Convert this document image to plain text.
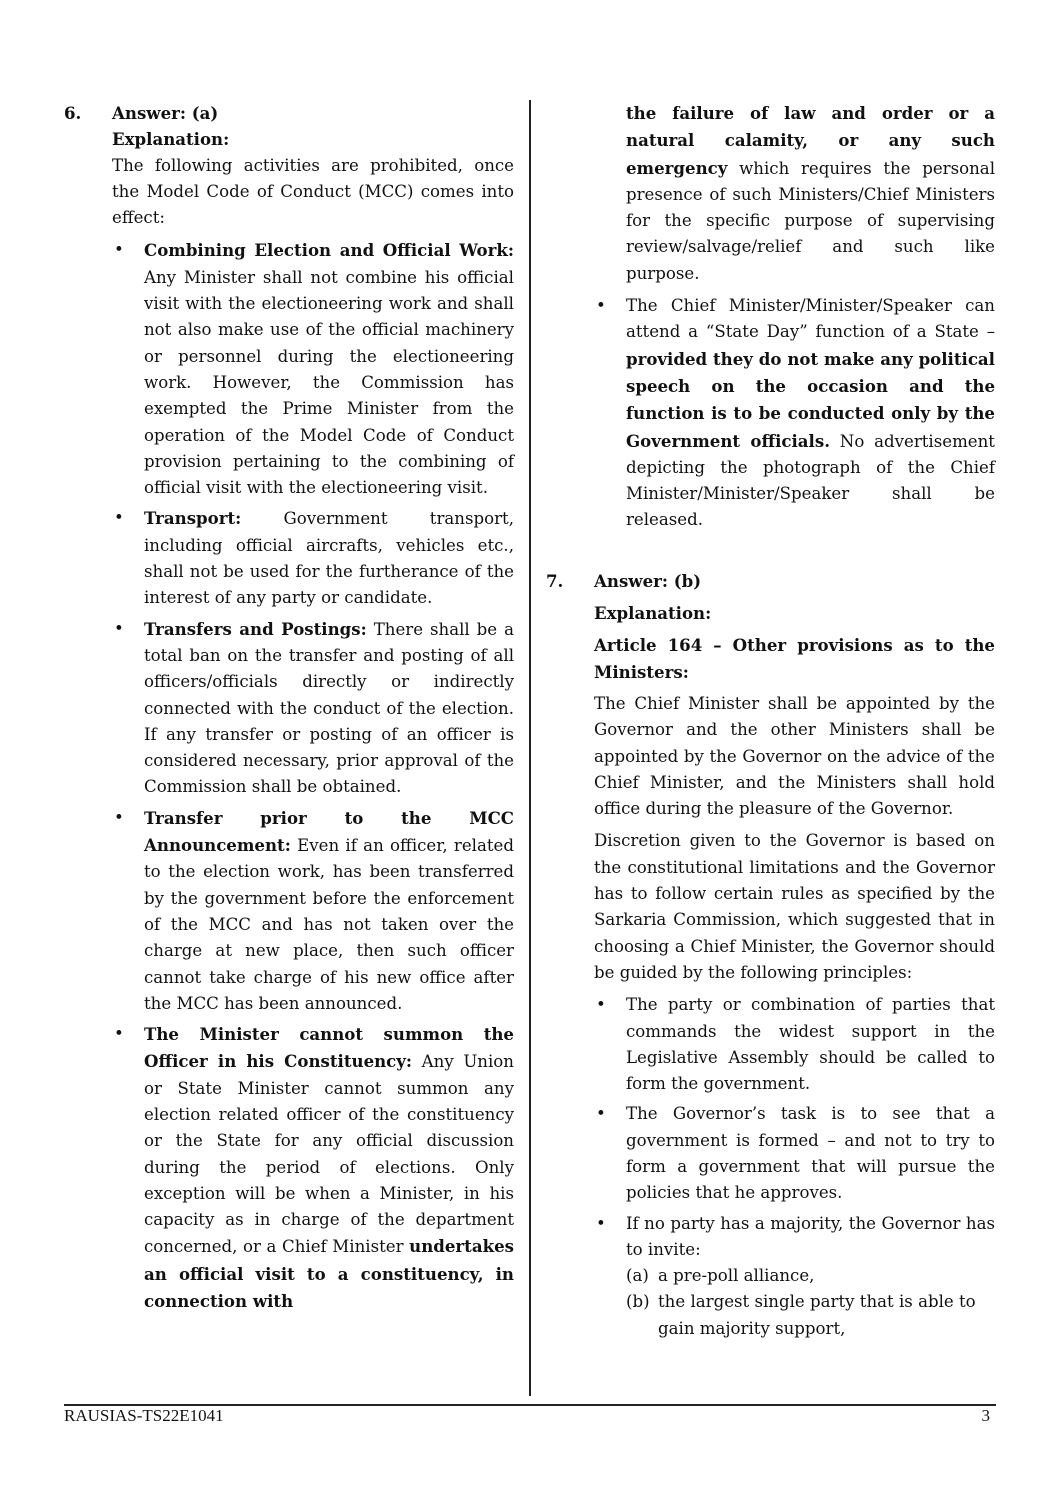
6. Answer: (a)
Explanation:

The following activities are prohibited, once the Model Code of Conduct (MCC) comes into effect:

• Combining Election and Official Work: Any Minister shall not combine his official visit with the electioneering work and shall not also make use of the official machinery or personnel during the electioneering work. However, the Commission has exempted the Prime Minister from the operation of the Model Code of Conduct provision pertaining to the combining of official visit with the electioneering visit.
• Transport: Government transport, including official aircrafts, vehicles etc., shall not be used for the furtherance of the interest of any party or candidate.
• Transfers and Postings: There shall be a total ban on the transfer and posting of all officers/officials directly or indirectly connected with the conduct of the election. If any transfer or posting of an officer is considered necessary, prior approval of the Commission shall be obtained.
• Transfer prior to the MCC Announcement: Even if an officer, related to the election work, has been transferred by the government before the enforcement of the MCC and has not taken over the charge at new place, then such officer cannot take charge of his new office after the MCC has been announced.
• The Minister cannot summon the Officer in his Constituency: Any Union or State Minister cannot summon any election related officer of the constituency or the State for any official discussion during the period of elections. Only exception will be when a Minister, in his capacity as in charge of the department concerned, or a Chief Minister undertakes an official visit to a constituency, in connection with

the failure of law and order or a natural calamity, or any such emergency which requires the personal presence of such Ministers/Chief Ministers for the specific purpose of supervising review/salvage/relief and such like purpose.

• The Chief Minister/Minister/Speaker can attend a “State Day” function of a State – provided they do not make any political speech on the occasion and the function is to be conducted only by the Government officials. No advertisement depicting the photograph of the Chief Minister/Minister/Speaker shall be released.
7. Answer: (b)
Explanation:

Article 164 – Other provisions as to the Ministers:

The Chief Minister shall be appointed by the Governor and the other Ministers shall be appointed by the Governor on the advice of the Chief Minister, and the Ministers shall hold office during the pleasure of the Governor.

Discretion given to the Governor is based on the constitutional limitations and the Governor has to follow certain rules as specified by the Sarkaria Commission, which suggested that in choosing a Chief Minister, the Governor should be guided by the following principles:

• The party or combination of parties that commands the widest support in the Legislative Assembly should be called to form the government.
• The Governor’s task is to see that a government is formed – and not to try to form a government that will pursue the policies that he approves.
• If no party has a majority, the Governor has to invite:
(a) a pre-poll alliance,
(b) the largest single party that is able to gain majority support,
RAUSIAS-TS22E1041	3
